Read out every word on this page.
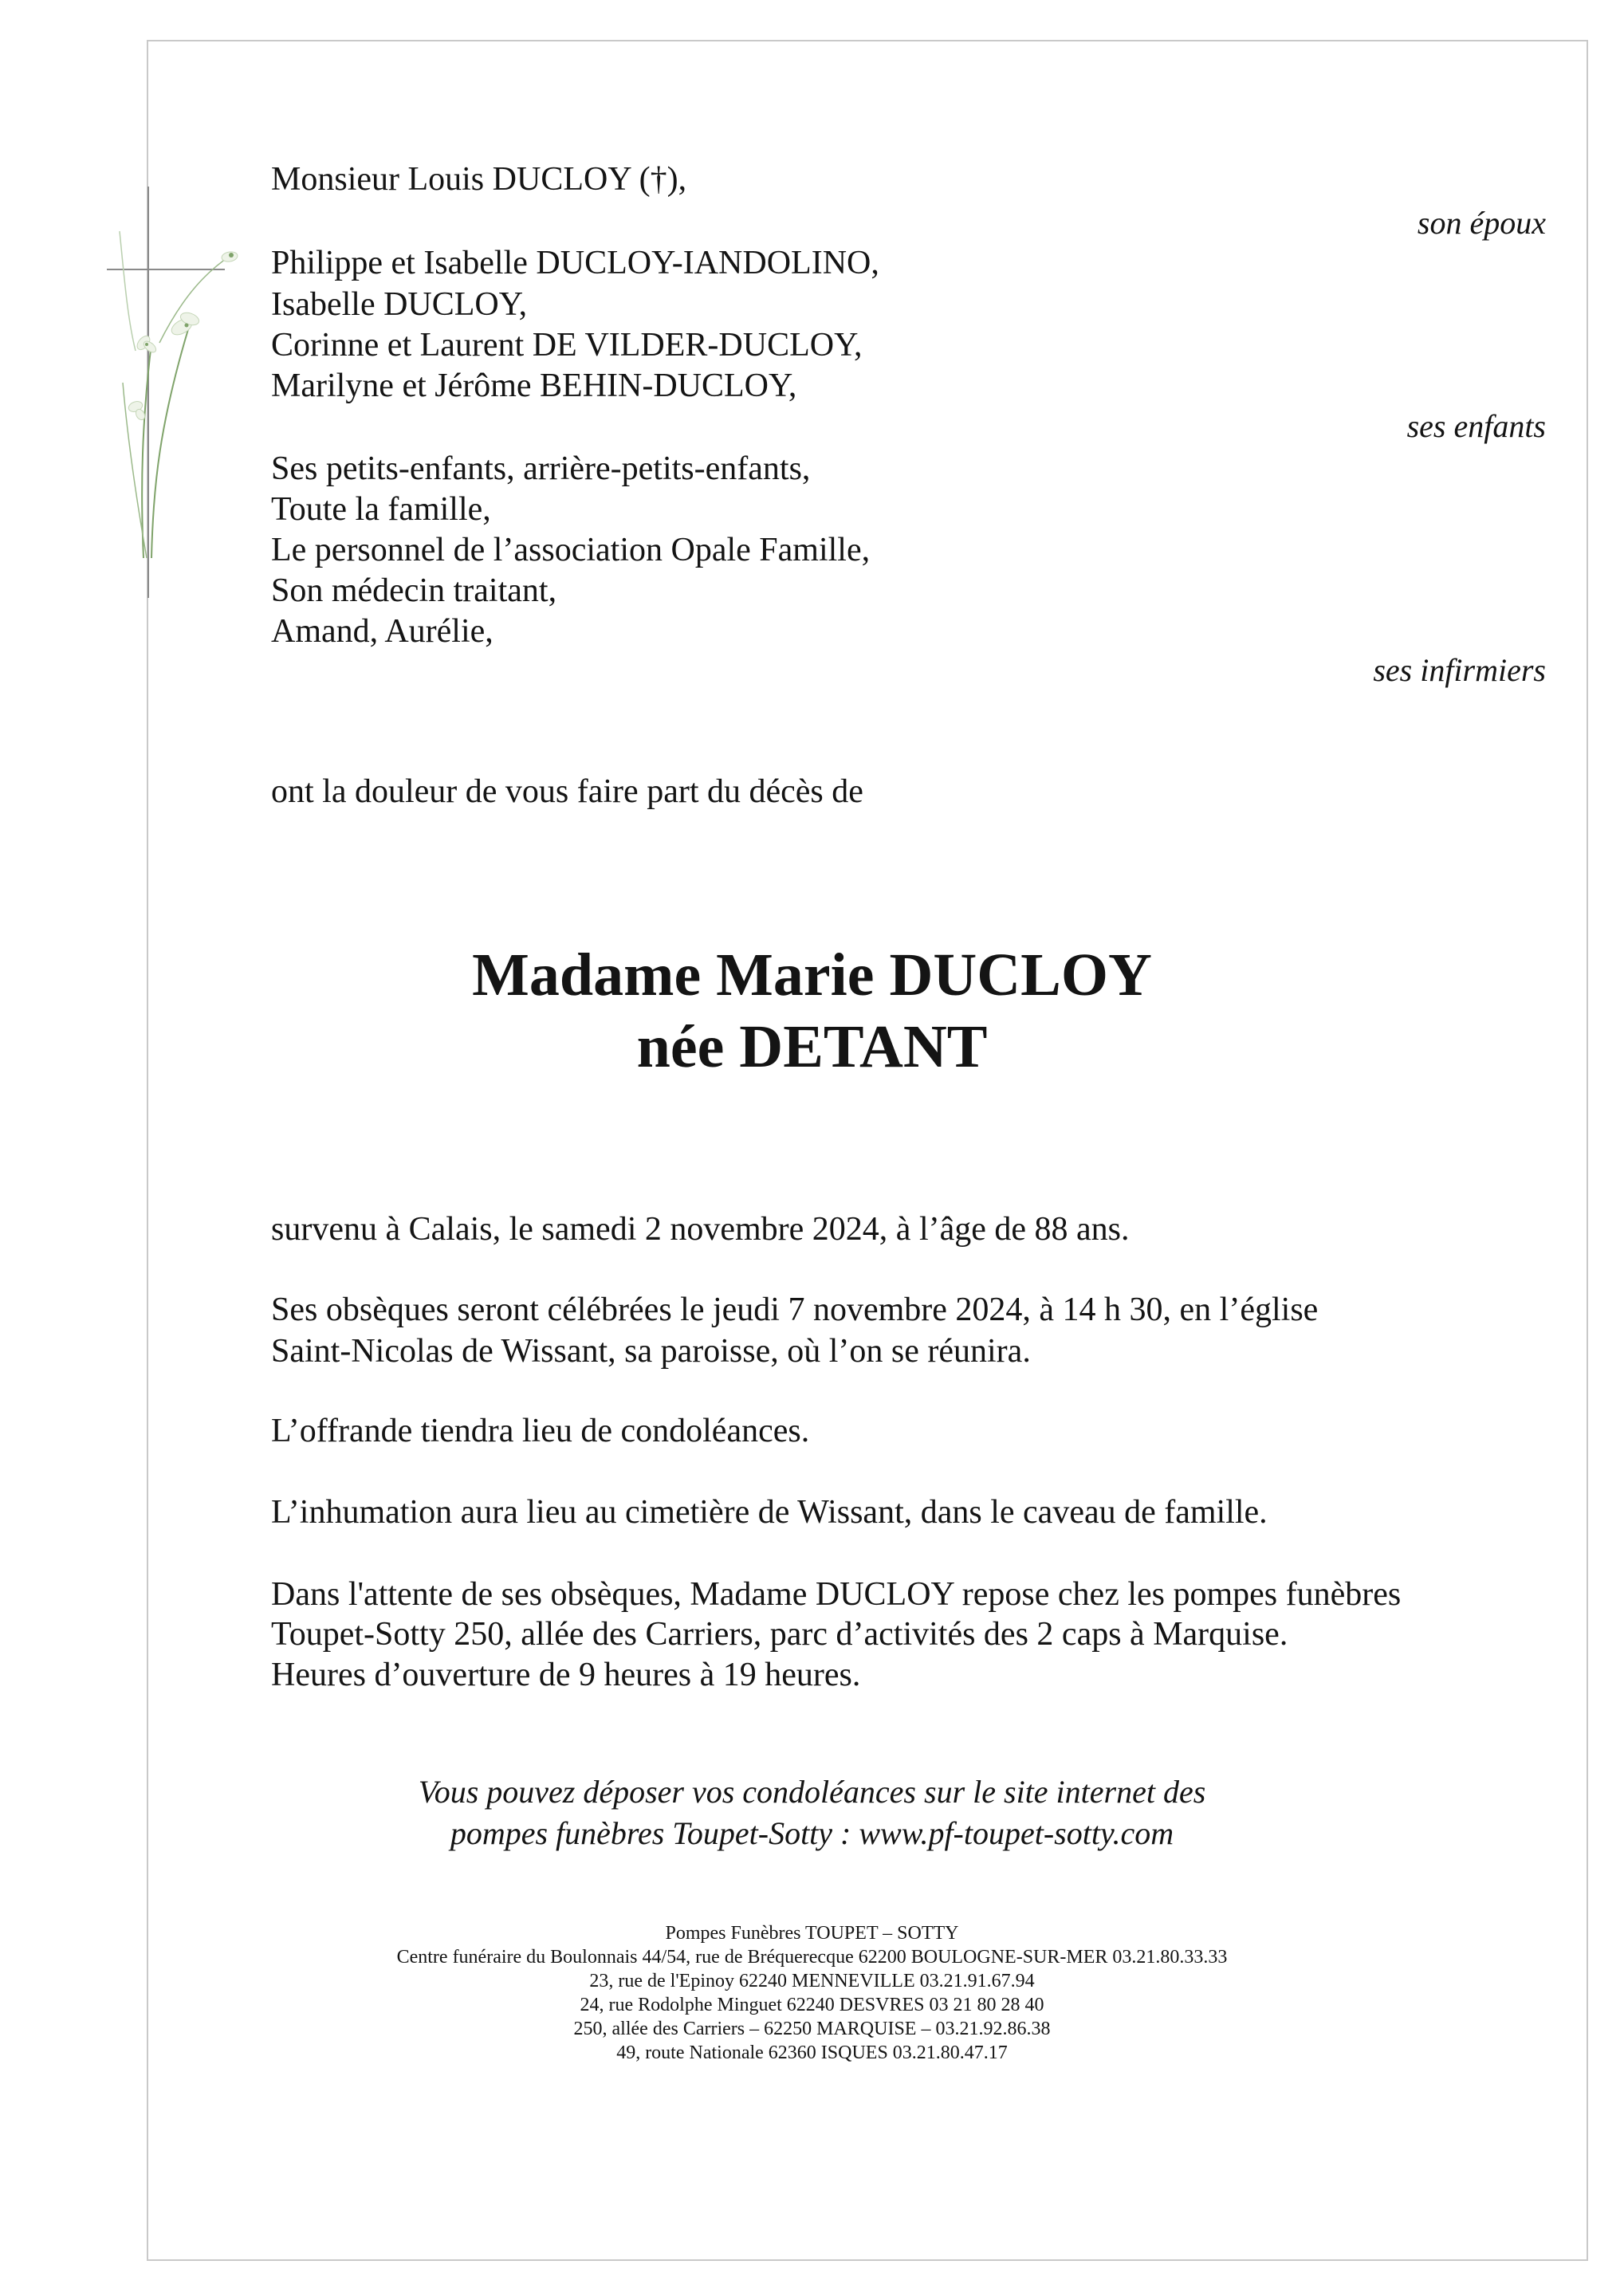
Monsieur Louis DUCLOY (†),
Philippe et Isabelle DUCLOY-IANDOLINO,
Isabelle DUCLOY,
Corinne et Laurent DE VILDER-DUCLOY,
Marilyne et Jérôme BEHIN-DUCLOY,
Ses petits-enfants, arrière-petits-enfants,
Toute la famille,
Le personnel de l’association Opale Famille,
Son médecin traitant,
Amand, Aurélie,
son époux
ses enfants
ses infirmiers
ont la douleur de vous faire part du décès de
Madame Marie DUCLOY
née DETANT
survenu à Calais, le samedi 2 novembre 2024, à l’âge de 88 ans.
Ses obsèques seront célébrées le jeudi 7 novembre 2024, à 14 h 30, en l’église
Saint-Nicolas de Wissant, sa paroisse, où l’on se réunira.
L’offrande tiendra lieu de condoléances.
L’inhumation aura lieu au cimetière de Wissant, dans le caveau de famille.
Dans l'attente de ses obsèques, Madame DUCLOY repose chez les pompes funèbres
Toupet-Sotty 250, allée des Carriers, parc d’activités des 2 caps à Marquise.
Heures d’ouverture de 9 heures à 19 heures.
Vous pouvez déposer vos condoléances sur le site internet des
pompes funèbres Toupet-Sotty : www.pf-toupet-sotty.com
Pompes Funèbres TOUPET – SOTTY
Centre funéraire du Boulonnais 44/54, rue de Bréquerecque 62200 BOULOGNE-SUR-MER 03.21.80.33.33
23, rue de l'Epinoy 62240 MENNEVILLE 03.21.91.67.94
24, rue Rodolphe Minguet 62240 DESVRES 03 21 80 28 40
250, allée des Carriers – 62250 MARQUISE – 03.21.92.86.38
49, route Nationale 62360 ISQUES 03.21.80.47.17
